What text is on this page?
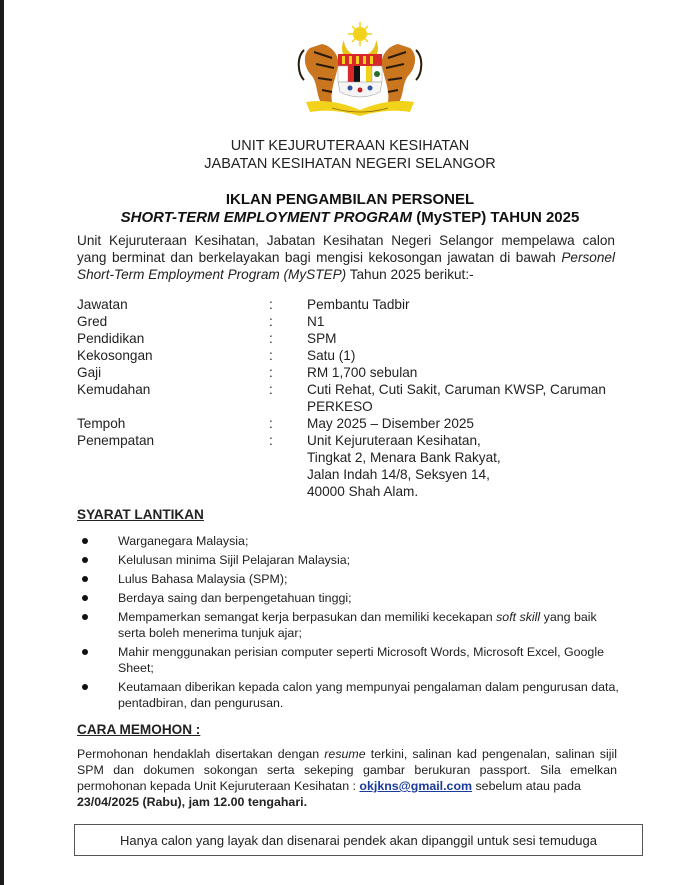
UNIT KEJURUTERAAN KESIHATAN
JABATAN KESIHATAN NEGERI SELANGOR
IKLAN PENGAMBILAN PERSONEL
SHORT-TERM EMPLOYMENT PROGRAM (MySTEP) TAHUN 2025
Unit Kejuruteraan Kesihatan, Jabatan Kesihatan Negeri Selangor mempelawa calon yang berminat dan berkelayakan bagi mengisi kekosongan jawatan di bawah Personel Short-Term Employment Program (MySTEP) Tahun 2025 berikut:-
Jawatan	:	Pembantu Tadbir
Gred	:	N1
Pendidikan	:	SPM
Kekosongan	:	Satu (1)
Gaji	:	RM 1,700 sebulan
Kemudahan	:	Cuti Rehat, Cuti Sakit, Caruman KWSP, Caruman
PERKESO
Tempoh	:	May 2025 – Disember 2025
Penempatan	:	Unit Kejuruteraan Kesihatan,
Tingkat 2, Menara Bank Rakyat,
Jalan Indah 14/8, Seksyen 14,
40000 Shah Alam.
SYARAT LANTIKAN
Warganegara Malaysia;
Kelulusan minima Sijil Pelajaran Malaysia;
Lulus Bahasa Malaysia (SPM);
Berdaya saing dan berpengetahuan tinggi;
Mempamerkan semangat kerja berpasukan dan memiliki kecekapan soft skill yang baik serta boleh menerima tunjuk ajar;
Mahir menggunakan perisian computer seperti Microsoft Words, Microsoft Excel, Google Sheet;
Keutamaan diberikan kepada calon yang mempunyai pengalaman dalam pengurusan data, pentadbiran, dan pengurusan.
CARA MEMOHON :
Permohonan hendaklah disertakan dengan resume terkini, salinan kad pengenalan, salinan sijil SPM dan dokumen sokongan serta sekeping gambar berukuran passport. Sila emelkan permohonan kepada Unit Kejuruteraan Kesihatan : okjkns@gmail.com sebelum atau pada
23/04/2025 (Rabu), jam 12.00 tengahari.
Hanya calon yang layak dan disenarai pendek akan dipanggil untuk sesi temuduga
